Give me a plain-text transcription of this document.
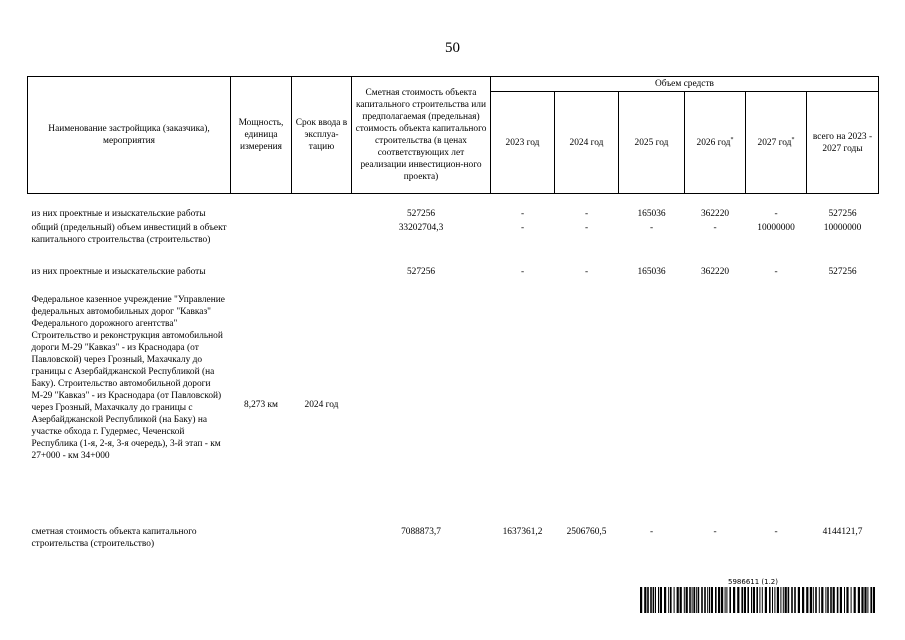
50
Наименование застройщика (заказчика), мероприятия	Мощность, единица измерения	Срок ввода в эксплуа-тацию	Сметная стоимость объекта капитального строительства или предполагаемая (предельная) стоимость объекта капитального строительства (в ценах соответствующих лет реализации инвестицион-ного проекта)	Объем средств					
				2023 год	2024 год	2025 год	2026 год*	2027 год*	всего на 2023 - 2027 годы
из них проектные и изыскательские работы			527256	-	-	165036	362220	-	527256
общий (предельный) объем инвестиций в объект капитального строительства (строительство)			33202704,3	-	-	-	-	10000000	10000000
из них проектные и изыскательские работы			527256	-	-	165036	362220	-	527256
Федеральное казенное учреждение "Управление федеральных автомобильных дорог "Кавказ" Федерального дорожного агентства" Строительство и реконструкция автомобильной дороги М-29 "Кавказ" - из Краснодара (от Павловской) через Грозный, Махачкалу до границы с Азербайджанской Республикой (на Баку). Строительство автомобильной дороги М-29 "Кавказ" - из Краснодара (от Павловской) через Грозный, Махачкалу до границы с Азербайджанской Республикой (на Баку) на участке обхода г. Гудермес, Чеченской Республика (1-я, 2-я, 3-я очередь), 3-й этап - км 27+000 - км 34+000	8,273 км	2024 год							
сметная стоимость объекта капитального строительства (строительство)			7088873,7	1637361,2	2506760,5	-	-	-	4144121,7
5986611 (1.2)
